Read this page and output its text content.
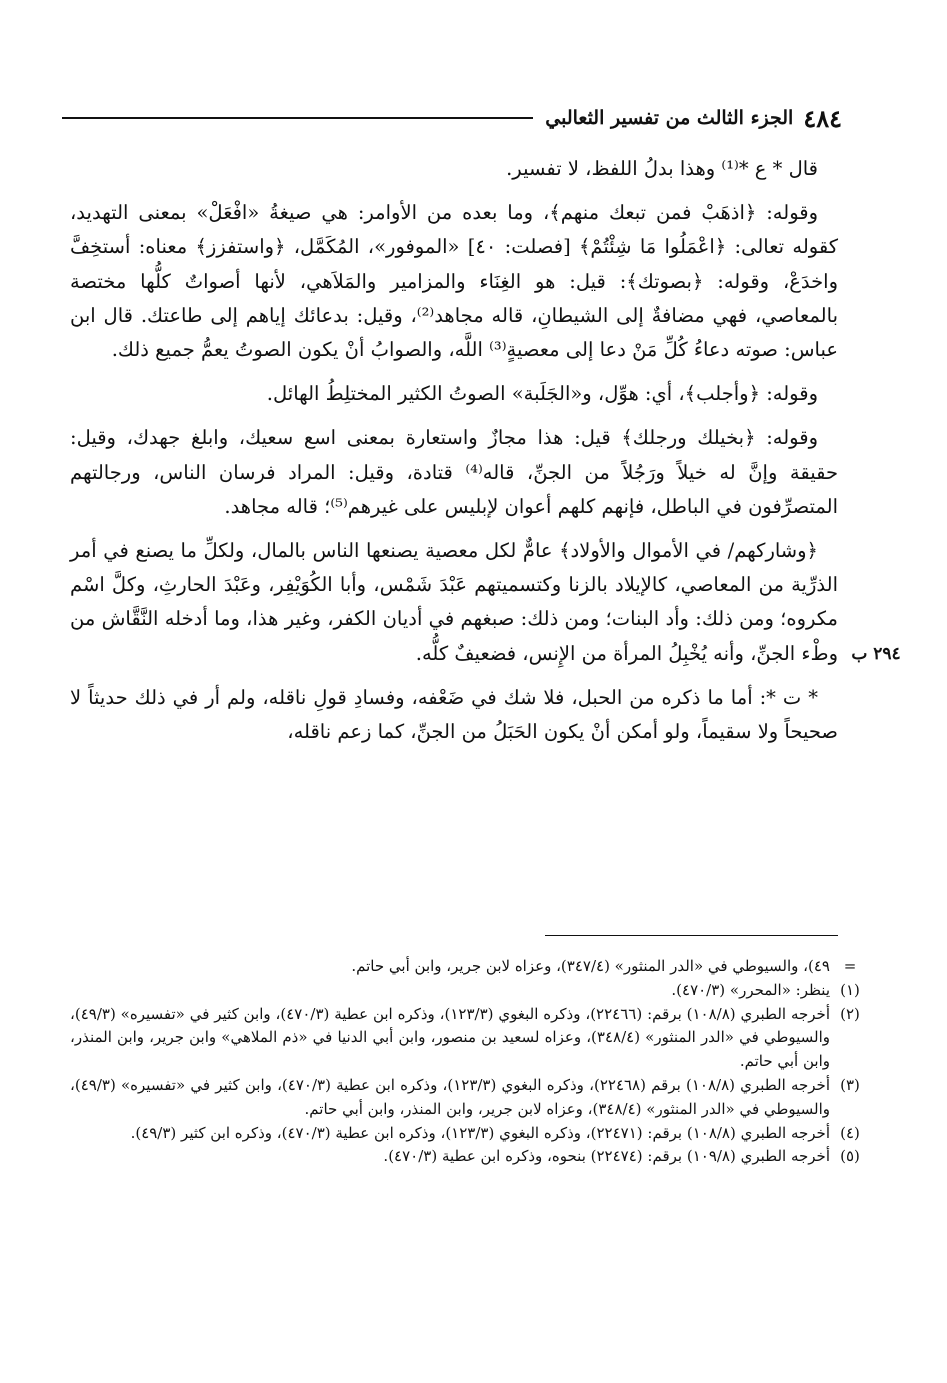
٤٨٤
الجزء الثالث من تفسير الثعالبي

قال * ع *⁽¹⁾ وهذا بدلُ اللفظ، لا تفسير.

وقوله: ﴿اذهَبْ فمن تبعك منهم﴾، وما بعده من الأوامر: هي صيغةُ «افْعَلْ» بمعنى التهديد، كقوله تعالى: ﴿اعْمَلُوا مَا شِئْتُمْ﴾ [فصلت: ٤٠] «الموفور»، المُكَمَّل، ﴿واستفزز﴾ معناه: أستخِفَّ واخدَعْ، وقوله: ﴿بصوتك﴾: قيل: هو الغِنَاء والمزامير والمَلاَهي، لأنها أصواتٌ كلُّها مختصة بالمعاصي، فهي مضافةٌ إلى الشيطانِ، قاله مجاهد⁽²⁾، وقيل: بدعائك إياهم إلى طاعتك. قال ابن عباس: صوته دعاءُ كُلِّ مَنْ دعا إلى معصيةٍ⁽³⁾ اللَّه، والصوابُ أنْ يكون الصوتُ يعمُّ جميع ذلك.

وقوله: ﴿وأجلب﴾، أي: هوِّل، و«الجَلَبة» الصوتُ الكثير المختلِطُ الهائل.

وقوله: ﴿بخيلك ورجلك﴾ قيل: هذا مجازٌ واستعارة بمعنى اسع سعيك، وابلغ جهدك، وقيل: حقيقة وإنَّ له خيلاً ورَجُلاً من الجنِّ، قاله⁽⁴⁾ قتادة، وقيل: المراد فرسان الناس، ورجالتهم المتصرِّفون في الباطل، فإنهم كلهم أعوان لإبليس على غيرهم⁽⁵⁾؛ قاله مجاهد.

﴿وشاركهم/ في الأموال والأولاد﴾ عامٌّ لكل معصية يصنعها الناس بالمال، ولكلِّ ما يصنع في أمر الذرِّية من المعاصي، كالإيلاد بالزنا وكتسميتهم عَبْدَ شَمْس، وأبا الكُوَيْفِر، وعَبْدَ الحارثِ، وكلَّ اسْم مكروه؛ ومن ذلك: وأد البنات؛ ومن ذلك: صبغهم في أديان الكفر، وغير هذا، وما أدخله النَّقَّاش من وطْء الجنِّ، وأنه يُخْبِلُ المرأة من الإِنس، فضعيفٌ كلُّه.

* ت *: أما ما ذكره من الحبل، فلا شك في ضَعْفه، وفسادِ قولِ ناقله، ولم أر في ذلك حديثاً لا صحيحاً ولا سقيماً، ولو أمكن أنْ يكون الحَبَلُ من الجنِّ، كما زعم ناقله،

٢٩٤ ب
=
٤٩)، والسيوطي في «الدر المنثور» (٣٤٧/٤)، وعزاه لابن جرير، وابن أبي حاتم.
(١)
ينظر: «المحرر» (٤٧٠/٣).
(٢)
أخرجه الطبري (١٠٨/٨) برقم: (٢٢٤٦٦)، وذكره البغوي (١٢٣/٣)، وذكره ابن عطية (٤٧٠/٣)، وابن كثير في «تفسيره» (٤٩/٣)، والسيوطي في «الدر المنثور» (٣٤٨/٤)، وعزاه لسعيد بن منصور، وابن أبي الدنيا في «ذم الملاهي» وابن جرير، وابن المنذر، وابن أبي حاتم.
(٣)
أخرجه الطبري (١٠٨/٨) برقم (٢٢٤٦٨)، وذكره البغوي (١٢٣/٣)، وذكره ابن عطية (٤٧٠/٣)، وابن كثير في «تفسيره» (٤٩/٣)، والسيوطي في «الدر المنثور» (٣٤٨/٤)، وعزاه لابن جرير، وابن المنذر، وابن أبي حاتم.
(٤)
أخرجه الطبري (١٠٨/٨) برقم: (٢٢٤٧١)، وذكره البغوي (١٢٣/٣)، وذكره ابن عطية (٤٧٠/٣)، وذكره ابن كثير (٤٩/٣).
(٥)
أخرجه الطبري (١٠٩/٨) برقم: (٢٢٤٧٤) بنحوه، وذكره ابن عطية (٤٧٠/٣).
